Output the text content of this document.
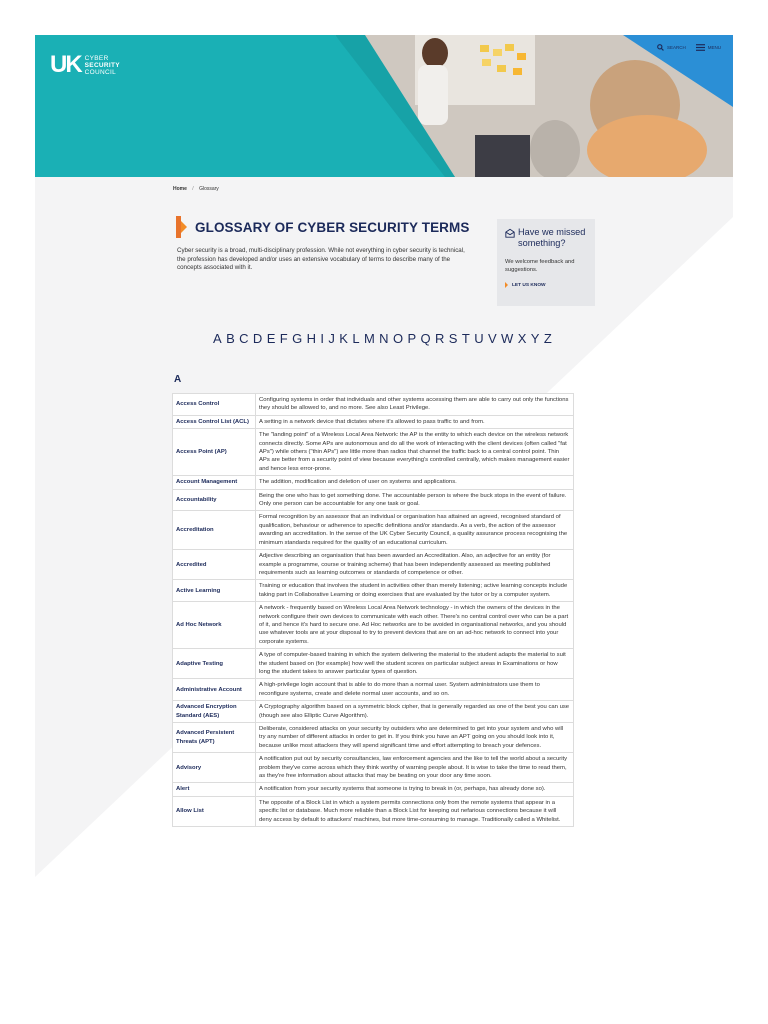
UK CYBER
SECURITY
COUNCIL
SEARCH	MENU
Home / Glossary
GLOSSARY OF CYBER SECURITY TERMS

Cyber security is a broad, multi-disciplinary profession. While not everything in cyber security is technical, the profession has developed and/or uses an extensive vocabulary of terms to describe many of the concepts associated with it.

Have we missed something?

We welcome feedback and suggestions.

LET US KNOW
A B C D E F G H I J K L M N O P Q R S T U V W X Y Z
A
Access Control	Configuring systems in order that individuals and other systems accessing them are able to carry out only the functions they should be allowed to, and no more. See also Least Privilege.
Access Control List (ACL)	A setting in a network device that dictates where it's allowed to pass traffic to and from.
Access Point (AP)	The "landing point" of a Wireless Local Area Network: the AP is the entity to which each device on the wireless network connects directly. Some APs are autonomous and do all the work of interacting with the client devices (often called "fat APs") while others ("thin APs") are little more than radios that channel the traffic back to a central control point. Thin APs are better from a security point of view because everything's controlled centrally, which makes management easier and hence less error-prone.
Account Management	The addition, modification and deletion of user on systems and applications.
Accountability	Being the one who has to get something done. The accountable person is where the buck stops in the event of failure. Only one person can be accountable for any one task or goal.
Accreditation	Formal recognition by an assessor that an individual or organisation has attained an agreed, recognised standard of qualification, behaviour or adherence to specific definitions and/or standards. As a verb, the action of the assessor awarding an accreditation. In the sense of the UK Cyber Security Council, a quality assurance process recognising the minimum standards required for the quality of an educational curriculum.
Accredited	Adjective describing an organisation that has been awarded an Accreditation. Also, an adjective for an entity (for example a programme, course or training scheme) that has been independently assessed as meeting published requirements such as learning outcomes or standards of competence or other.
Active Learning	Training or education that involves the student in activities other than merely listening; active learning concepts include taking part in Collaborative Learning or doing exercises that are evaluated by the tutor or by a computer system.
Ad Hoc Network	A network - frequently based on Wireless Local Area Network technology - in which the owners of the devices in the network configure their own devices to communicate with each other. There's no central control over who can be a part of it, and hence it's hard to secure one. Ad Hoc networks are to be avoided in organisational networks, and you should use whatever tools are at your disposal to try to prevent devices that are on an ad-hoc network to connect into your corporate systems.
Adaptive Testing	A type of computer-based training in which the system delivering the material to the student adapts the material to suit the student based on (for example) how well the student scores on particular subject areas in Examinations or how long the student takes to answer particular types of question.
Administrative Account	A high-privilege login account that is able to do more than a normal user. System administrators use them to reconfigure systems, create and delete normal user accounts, and so on.
Advanced Encryption Standard (AES)	A Cryptography algorithm based on a symmetric block cipher, that is generally regarded as one of the best you can use (though see also Elliptic Curve Algorithm).
Advanced Persistent Threats (APT)	Deliberate, considered attacks on your security by outsiders who are determined to get into your system and who will try any number of different attacks in order to get in. If you think you have an APT going on you should look into it, because unlike most attackers they will spend significant time and effort attempting to breach your defences.
Advisory	A notification put out by security consultancies, law enforcement agencies and the like to tell the world about a security problem they've come across which they think worthy of warning people about. It is wise to take the time to read them, as they're free information about attacks that may be beating on your door any time soon.
Alert	A notification from your security systems that someone is trying to break in (or, perhaps, has already done so).
Allow List	The opposite of a Block List in which a system permits connections only from the remote systems that appear in a specific list or database. Much more reliable than a Block List for keeping out nefarious connections because it will deny access by default to attackers' machines, but more time-consuming to manage. Traditionally called a Whitelist.
